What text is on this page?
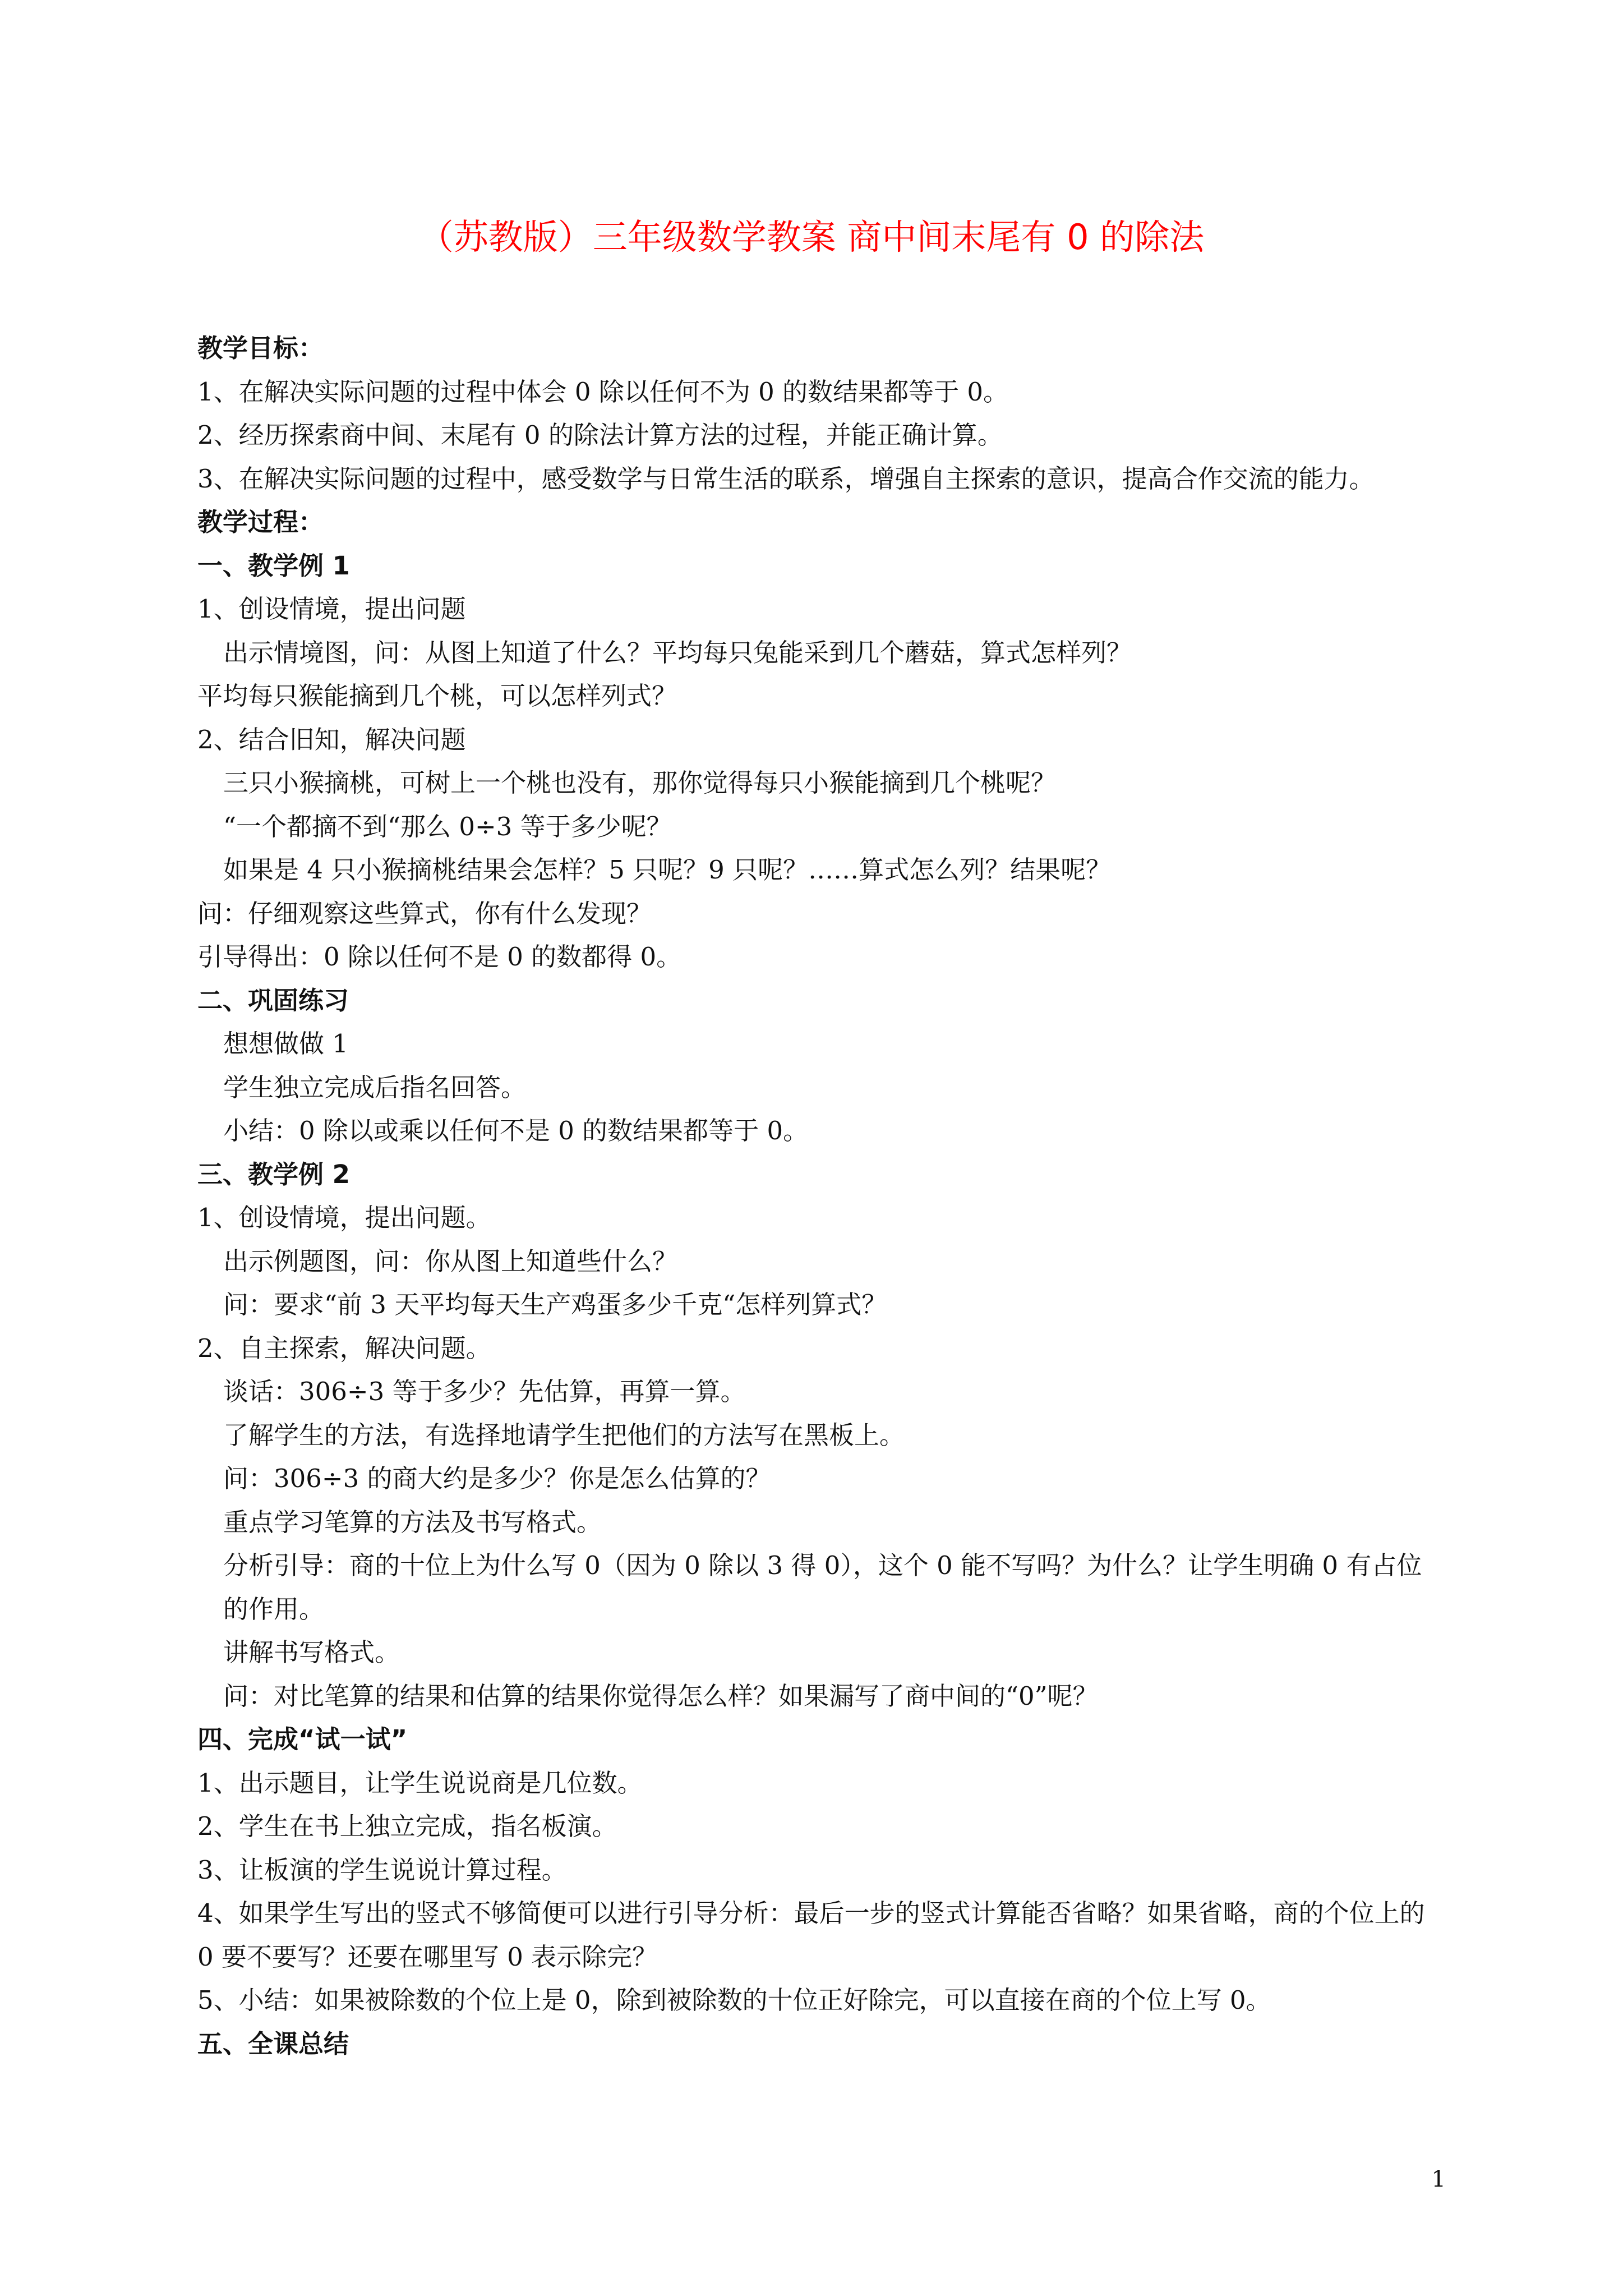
（苏教版）三年级数学教案 商中间末尾有 0 的除法

教学目标：

1、在解决实际问题的过程中体会 0 除以任何不为 0 的数结果都等于 0。

2、经历探索商中间、末尾有 0 的除法计算方法的过程，并能正确计算。

3、在解决实际问题的过程中，感受数学与日常生活的联系，增强自主探索的意识，提高合作交流的能力。

教学过程：

一、教学例 1

1、创设情境，提出问题

出示情境图，问：从图上知道了什么？平均每只兔能采到几个蘑菇，算式怎样列？

平均每只猴能摘到几个桃，可以怎样列式？

2、结合旧知，解决问题

三只小猴摘桃，可树上一个桃也没有，那你觉得每只小猴能摘到几个桃呢？

“一个都摘不到“那么 0÷3 等于多少呢？

如果是 4 只小猴摘桃结果会怎样？5 只呢？9 只呢？……算式怎么列？结果呢？

问：仔细观察这些算式，你有什么发现？

引导得出：0 除以任何不是 0 的数都得 0。

二、巩固练习

想想做做 1

学生独立完成后指名回答。

小结：0 除以或乘以任何不是 0 的数结果都等于 0。

三、教学例 2

1、创设情境，提出问题。

出示例题图，问：你从图上知道些什么？

问：要求“前 3 天平均每天生产鸡蛋多少千克“怎样列算式？

2、自主探索，解决问题。

谈话：306÷3 等于多少？先估算，再算一算。

了解学生的方法，有选择地请学生把他们的方法写在黑板上。

问：306÷3 的商大约是多少？你是怎么估算的？

重点学习笔算的方法及书写格式。

分析引导：商的十位上为什么写 0（因为 0 除以 3 得 0），这个 0 能不写吗？为什么？让学生明确 0 有占位的作用。

讲解书写格式。

问：对比笔算的结果和估算的结果你觉得怎么样？如果漏写了商中间的“0”呢？

四、完成“试一试”

1、出示题目，让学生说说商是几位数。

2、学生在书上独立完成，指名板演。

3、让板演的学生说说计算过程。

4、如果学生写出的竖式不够简便可以进行引导分析：最后一步的竖式计算能否省略？如果省略，商的个位上的 0 要不要写？还要在哪里写 0 表示除完？

5、小结：如果被除数的个位上是 0，除到被除数的十位正好除完，可以直接在商的个位上写 0。

五、全课总结

1
